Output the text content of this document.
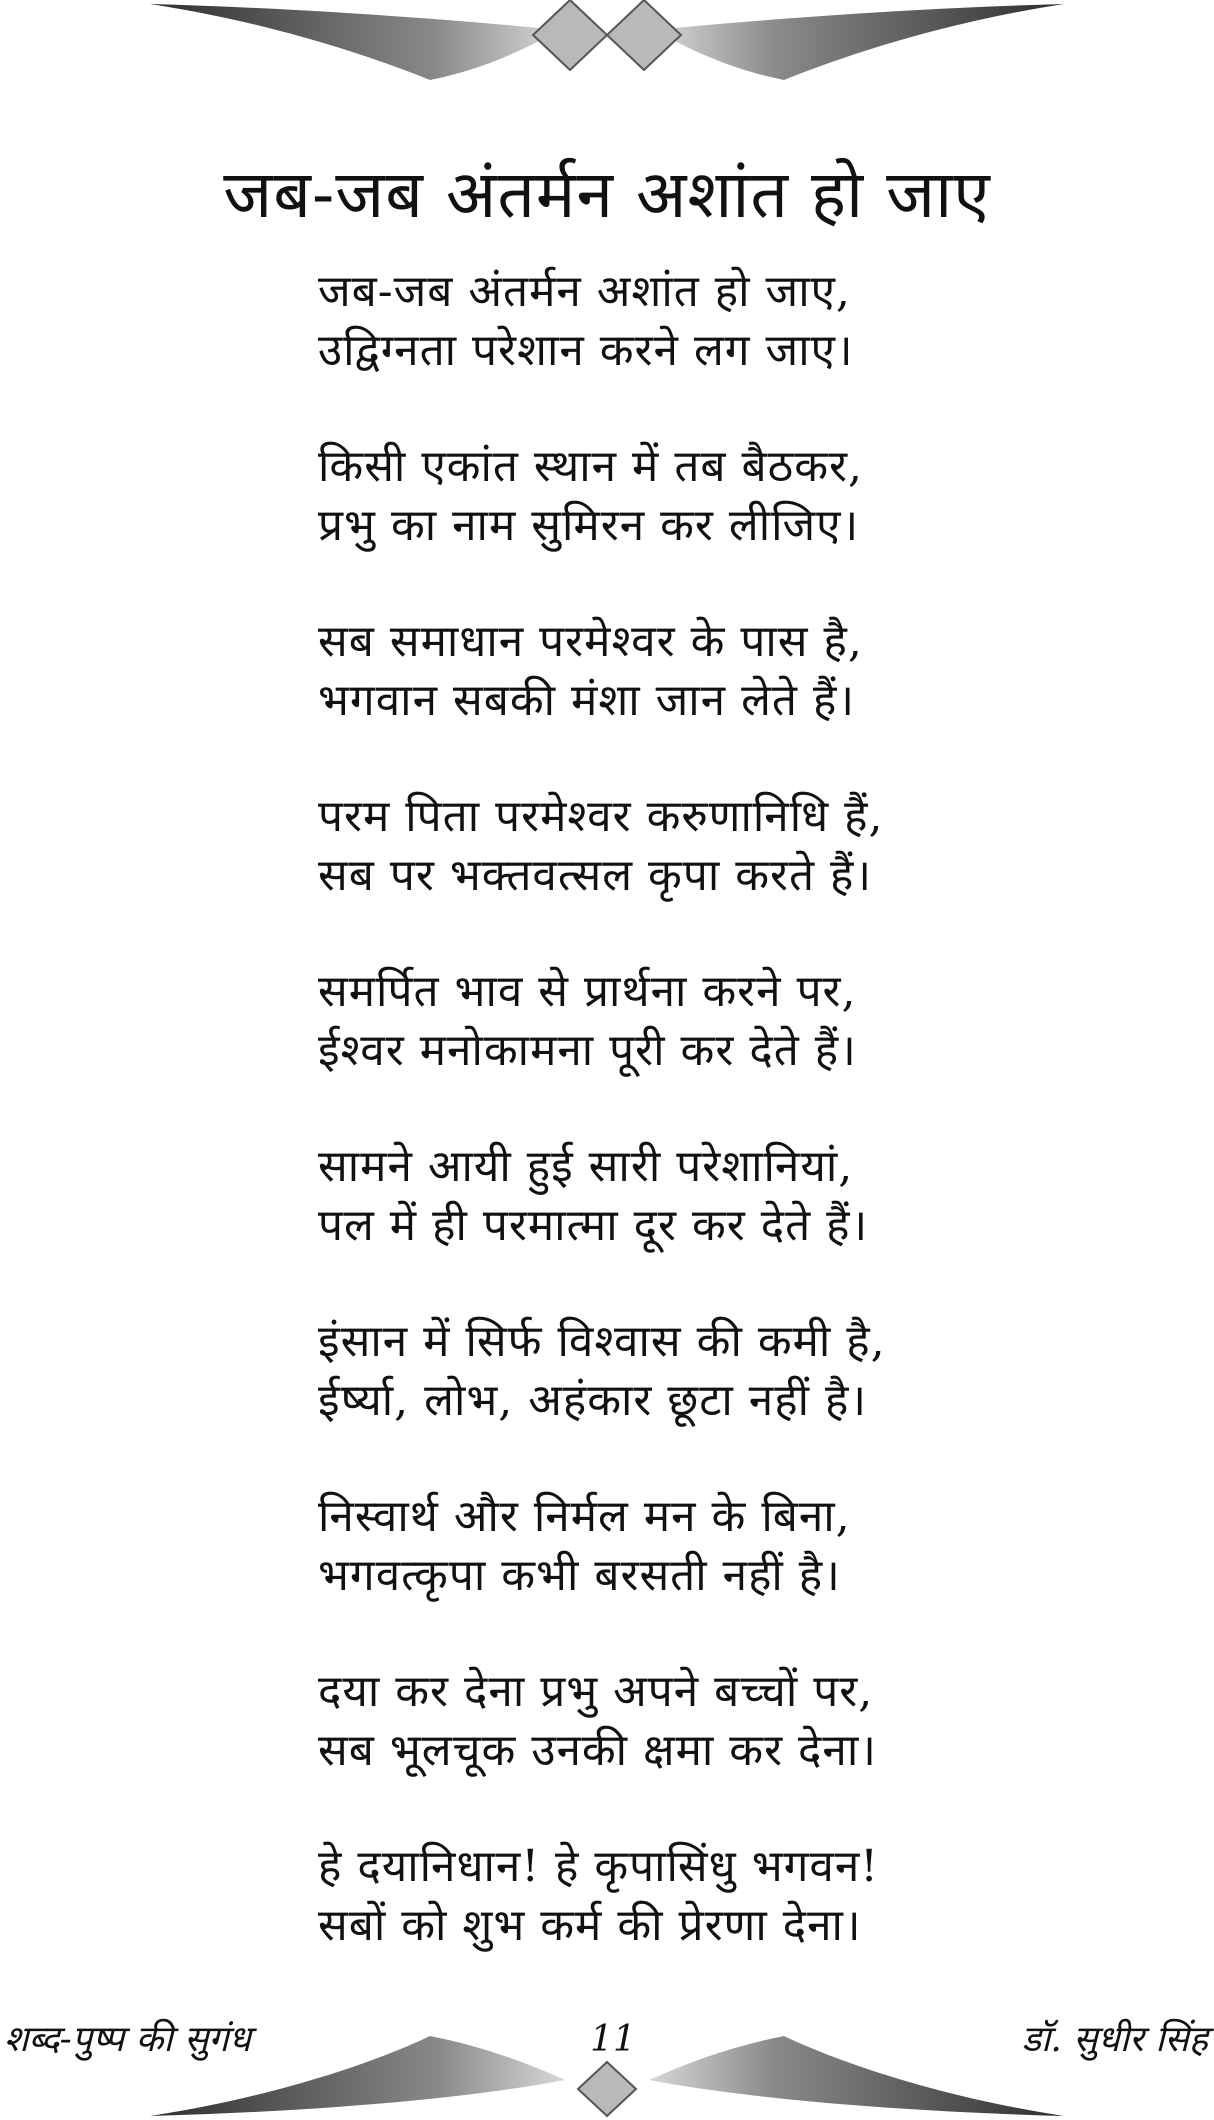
जब-जब अंतर्मन अशांत हो जाए
जब-जब अंतर्मन अशांत हो जाए,
उद्विग्नता परेशान करने लग जाए।
किसी एकांत स्थान में तब बैठकर,
प्रभु का नाम सुमिरन कर लीजिए।
सब समाधान परमेश्वर के पास है,
भगवान सबकी मंशा जान लेते हैं।
परम पिता परमेश्वर करुणानिधि हैं,
सब पर भक्तवत्सल कृपा करते हैं।
समर्पित भाव से प्रार्थना करने पर,
ईश्वर मनोकामना पूरी कर देते हैं।
सामने आयी हुई सारी परेशानियां,
पल में ही परमात्मा दूर कर देते हैं।
इंसान में सिर्फ विश्वास की कमी है,
ईर्ष्या, लोभ, अहंकार छूटा नहीं है।
निस्वार्थ और निर्मल मन के बिना,
भगवत्कृपा कभी बरसती नहीं है।
दया कर देना प्रभु अपने बच्चों पर,
सब भूलचूक उनकी क्षमा कर देना।
हे दयानिधान! हे कृपासिंधु भगवन!
सबों को शुभ कर्म की प्रेरणा देना।
शब्द-पुष्प की सुगंध	11	डॉ. सुधीर सिंह
